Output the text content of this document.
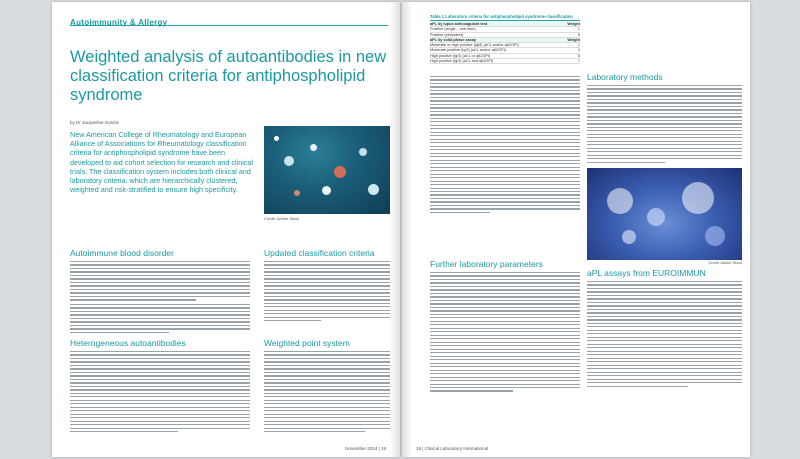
Autoimmunity & Allergy
Weighted analysis of autoantibodies in new classification criteria for antiphospholipid syndrome
by Dr Jacqueline Gosink

New American College of Rheumatology and European Alliance of Associations for Rheumatology classification criteria for antiphospholipid syndrome have been developed to aid cohort selection for research and clinical trials. The classification system includes both clinical and laboratory criteria, which are hierarchically clustered, weighted and risk-stratified to ensure high specificity.

Credit: Adobe Stock
Autoimmune blood disorder
Heterogeneous autoantibodies
Updated classification criteria
Weighted point system
November 2024 | 15
Table 1 Laboratory criteria for antiphospholipid syndrome classification
aPL by lupus anticoagulant test	Weight
Positive (single – one time)	1
Positive (persistent)	5
aPL by solid-phase assay	Weight
Moderate or high positive (IgM) (aCL and/or aβ2GPI)	1
Moderate positive (IgG) (aCL and/or aβ2GPI)	4
High positive (IgG) (aCL or aβ2GPI)	5
High positive (IgG) (aCL and aβ2GPI)	7
Further laboratory parameters
Laboratory methods
Credit: Adobe Stock
aPL assays from EUROIMMUN
16 | Clinical Laboratory International
